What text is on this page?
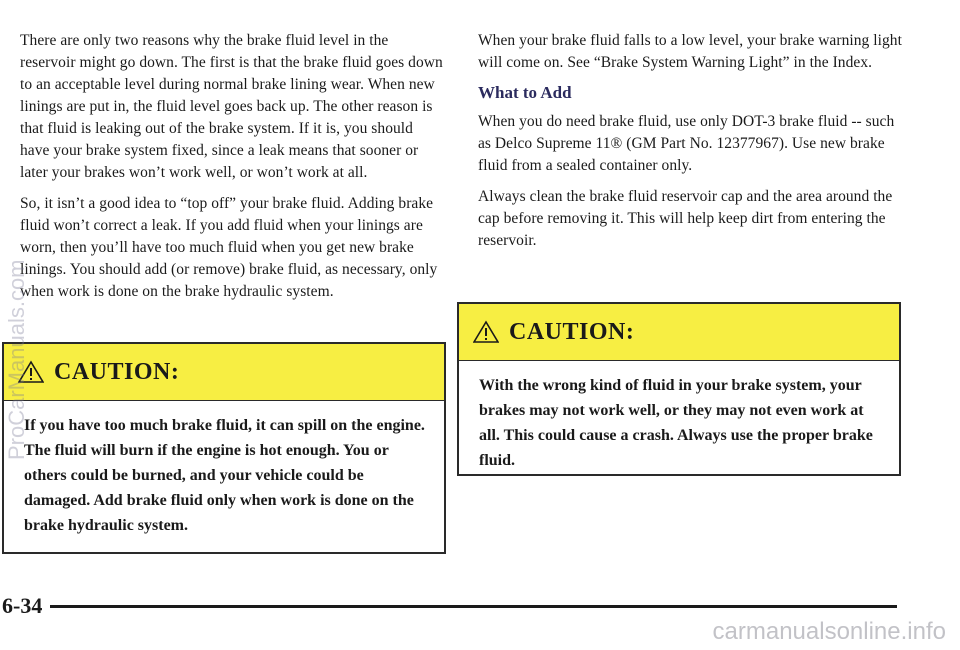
There are only two reasons why the brake fluid level in the reservoir might go down. The first is that the brake fluid goes down to an acceptable level during normal brake lining wear. When new linings are put in, the fluid level goes back up. The other reason is that fluid is leaking out of the brake system. If it is, you should have your brake system fixed, since a leak means that sooner or later your brakes won’t work well, or won’t work at all.

So, it isn’t a good idea to “top off” your brake fluid. Adding brake fluid won’t correct a leak. If you add fluid when your linings are worn, then you’ll have too much fluid when you get new brake linings. You should add (or remove) brake fluid, as necessary, only when work is done on the brake hydraulic system.

CAUTION:
If you have too much brake fluid, it can spill on the engine. The fluid will burn if the engine is hot enough. You or others could be burned, and your vehicle could be damaged. Add brake fluid only when work is done on the brake hydraulic system.

When your brake fluid falls to a low level, your brake warning light will come on. See “Brake System Warning Light” in the Index.

What to Add

When you do need brake fluid, use only DOT-3 brake fluid -- such as Delco Supreme 11® (GM Part No. 12377967). Use new brake fluid from a sealed container only.

Always clean the brake fluid reservoir cap and the area around the cap before removing it. This will help keep dirt from entering the reservoir.

CAUTION:
With the wrong kind of fluid in your brake system, your brakes may not work well, or they may not even work at all. This could cause a crash. Always use the proper brake fluid.
6-34
ProCarManuals.com
carmanualsonline.info
